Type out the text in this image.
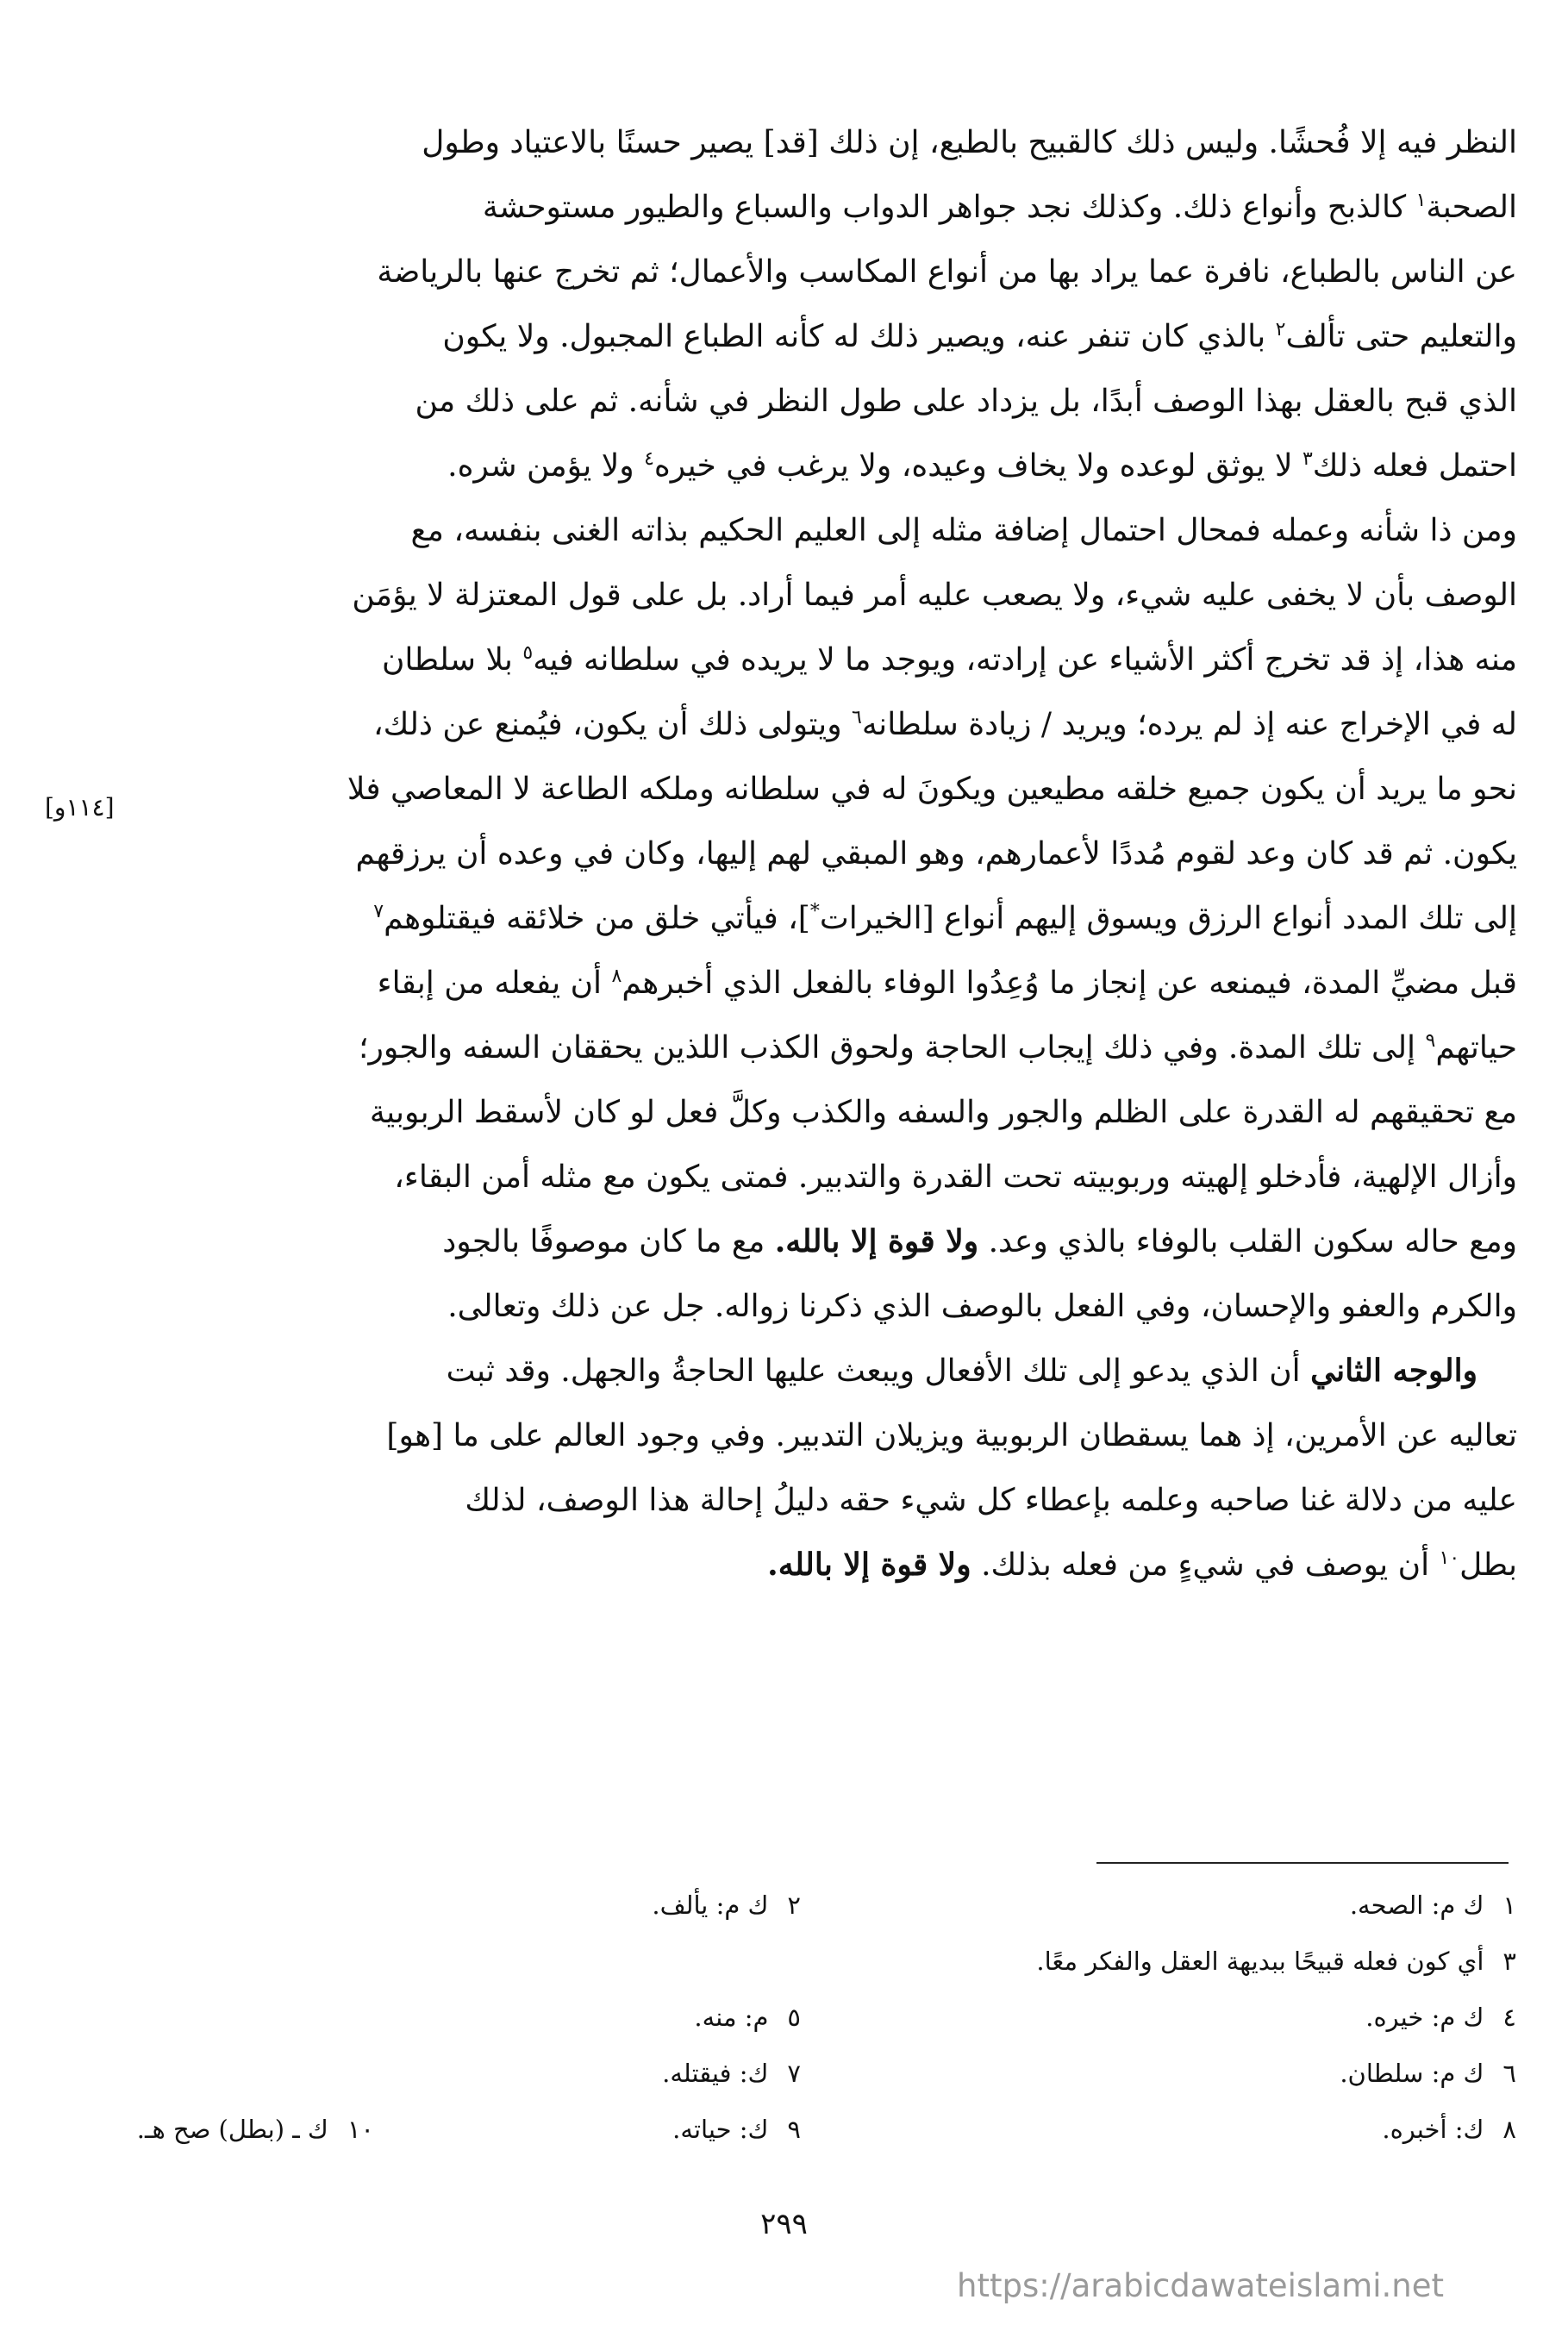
النظر فيه إلا فُحشًا. وليس ذلك كالقبيح بالطبع، إن ذلك [قد] يصير حسنًا بالاعتياد وطول
الصحبة$^١$ كالذبح وأنواع ذلك. وكذلك نجد جواهر الدواب والسباع والطيور مستوحشة
عن الناس بالطباع، نافرة عما يراد بها من أنواع المكاسب والأعمال؛ ثم تخرج عنها بالرياضة
والتعليم حتى تألف$^٢$ بالذي كان تنفر عنه، ويصير ذلك له كأنه الطباع المجبول. ولا يكون
الذي قبح بالعقل بهذا الوصف أبدًا، بل يزداد على طول النظر في شأنه. ثم على ذلك من
احتمل فعله ذلك$^٣$ لا يوثق لوعده ولا يخاف وعيده، ولا يرغب في خيره$^٤$ ولا يؤمن شره.
ومن ذا شأنه وعمله فمحال احتمال إضافة مثله إلى العليم الحكيم بذاته الغنى بنفسه، مع
الوصف بأن لا يخفى عليه شيء، ولا يصعب عليه أمر فيما أراد. بل على قول المعتزلة لا يؤمَن
منه هذا، إذ قد تخرج أكثر الأشياء عن إرادته، ويوجد ما لا يريده في سلطانه فيه$^٥$ بلا سلطان
له في الإخراج عنه إذ لم يرده؛ ويريد / زيادة سلطانه$^٦$ ويتولى ذلك أن يكون، فيُمنع عن ذلك،
نحو ما يريد أن يكون جميع خلقه مطيعين ويكونَ له في سلطانه وملكه الطاعة لا المعاصي فلا
يكون. ثم قد كان وعد لقوم مُددًا لأعمارهم، وهو المبقي لهم إليها، وكان في وعده أن يرزقهم
إلى تلك المدد أنواع الرزق ويسوق إليهم أنواع [الخيرات*]، فيأتي خلق من خلائقه فيقتلوهم$^٧$
قبل مضيِّ المدة، فيمنعه عن إنجاز ما وُعِدُوا الوفاء بالفعل الذي أخبرهم$^٨$ أن يفعله من إبقاء
حياتهم$^٩$ إلى تلك المدة. وفي ذلك إيجاب الحاجة ولحوق الكذب اللذين يحققان السفه والجور؛
مع تحقيقهم له القدرة على الظلم والجور والسفه والكذب وكلَّ فعل لو كان لأسقط الربوبية
وأزال الإلهية، فأدخلو إلهيته وربوبيته تحت القدرة والتدبير. فمتى يكون مع مثله أمن البقاء،
ومع حاله سكون القلب بالوفاء بالذي وعد. ولا قوة إلا بالله. مع ما كان موصوفًا بالجود
والكرم والعفو والإحسان، وفي الفعل بالوصف الذي ذكرنا زواله. جل عن ذلك وتعالى.
والوجه الثاني أن الذي يدعو إلى تلك الأفعال ويبعث عليها الحاجةُ والجهل. وقد ثبت
تعاليه عن الأمرين، إذ هما يسقطان الربوبية ويزيلان التدبير. وفي وجود العالم على ما [هو]
عليه من دلالة غنا صاحبه وعلمه بإعطاء كل شيء حقه دليلُ إحالة هذا الوصف، لذلك
بطل$^{١٠}$ أن يوصف في شيءٍ من فعله بذلك. ولا قوة إلا بالله.
[١١٤و]
١ك م: الصحه.
٢ك م: يألف.
٣أي كون فعله قبيحًا ببديهة العقل والفكر معًا.
٤ك م: خيره.
٥م: منه.
٦ك م: سلطان.
٧ك: فيقتله.
٨ك: أخبره.
٩ك: حياته.
١٠ك ـ (بطل) صح هـ.
٢٩٩
https://arabicdawateislami.net
